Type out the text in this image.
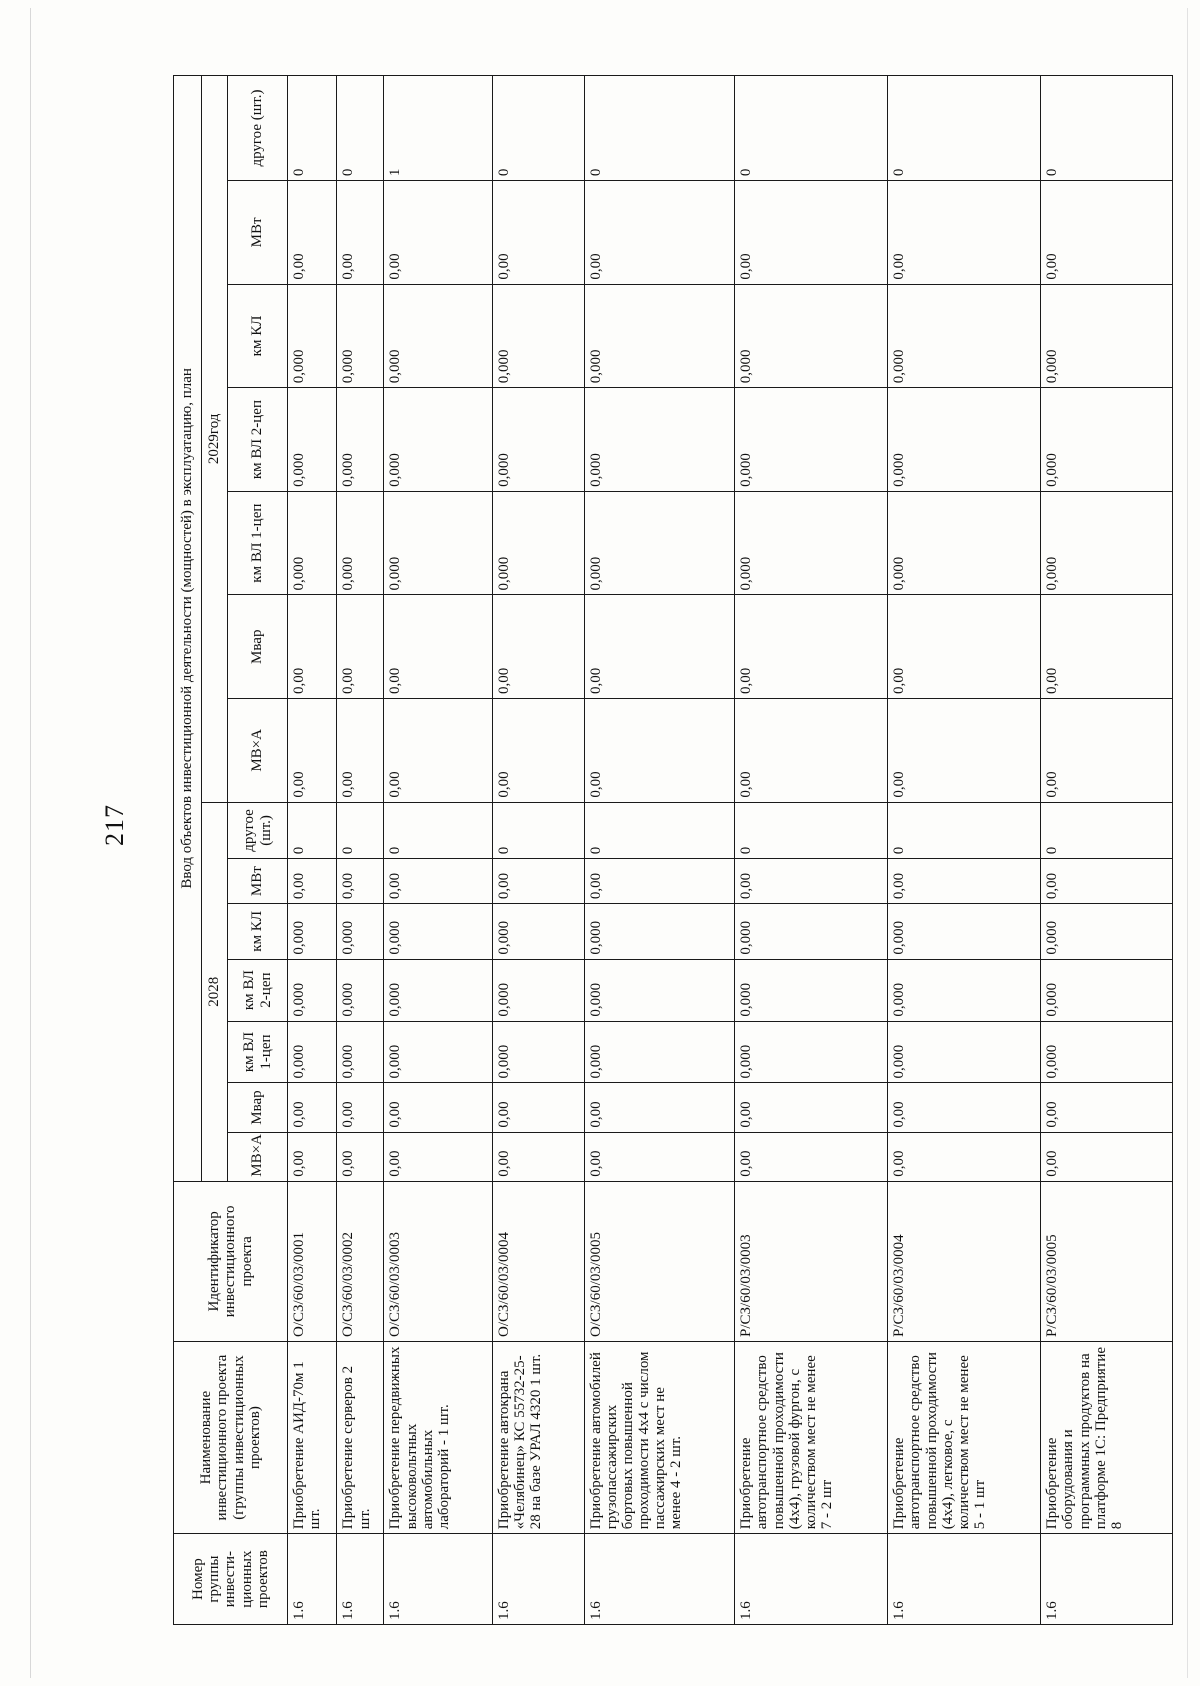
217
Номер группы инвести-ционных проектов	Наименование инвестиционного проекта (группы инвестиционных проектов)	Идентификатор инвестиционного проекта	Ввод объектов инвестиционной деятельности (мощностей) в эксплуатацию, план													
			2028							2029год						
			МВ×А	Мвар	км ВЛ 1-цеп	км ВЛ 2-цеп	км КЛ	МВт	другое (шт.)	МВ×А	Мвар	км ВЛ 1-цеп	км ВЛ 2-цеп	км КЛ	МВт	другое (шт.)
1.6	Приобретение АИД-70м 1 шт.	О/СЗ/60/03/0001	0,00	0,00	0,000	0,000	0,000	0,00	0	0,00	0,00	0,000	0,000	0,000	0,00	0
1.6	Приобретение серверов 2 шт.	О/СЗ/60/03/0002	0,00	0,00	0,000	0,000	0,000	0,00	0	0,00	0,00	0,000	0,000	0,000	0,00	0
1.6	Приобретение передвижных высоковольтных автомобильных лабораторий - 1 шт.	О/СЗ/60/03/0003	0,00	0,00	0,000	0,000	0,000	0,00	0	0,00	0,00	0,000	0,000	0,000	0,00	1
1.6	Приобретение автокрана «Челябинец» КС 55732-25-28 на базе УРАЛ 4320 1 шт.	О/СЗ/60/03/0004	0,00	0,00	0,000	0,000	0,000	0,00	0	0,00	0,00	0,000	0,000	0,000	0,00	0
1.6	Приобретение автомобилей грузопассажирских бортовых повышенной проходимости 4х4 с числом пассажирских мест не менее 4 - 2 шт.	О/СЗ/60/03/0005	0,00	0,00	0,000	0,000	0,000	0,00	0	0,00	0,00	0,000	0,000	0,000	0,00	0
1.6	Приобретение автотранспортное средство повышенной проходимости (4х4), грузовой фургон, с количеством мест не менее 7 - 2 шт	Р/СЗ/60/03/0003	0,00	0,00	0,000	0,000	0,000	0,00	0	0,00	0,00	0,000	0,000	0,000	0,00	0
1.6	Приобретение автотранспортное средство повышенной проходимости (4х4), легковое, с количеством мест не менее 5 - 1 шт	Р/СЗ/60/03/0004	0,00	0,00	0,000	0,000	0,000	0,00	0	0,00	0,00	0,000	0,000	0,000	0,00	0
1.6	Приобретение оборудования и программных продуктов на платформе 1С: Предприятие 8	Р/СЗ/60/03/0005	0,00	0,00	0,000	0,000	0,000	0,00	0	0,00	0,00	0,000	0,000	0,000	0,00	0
